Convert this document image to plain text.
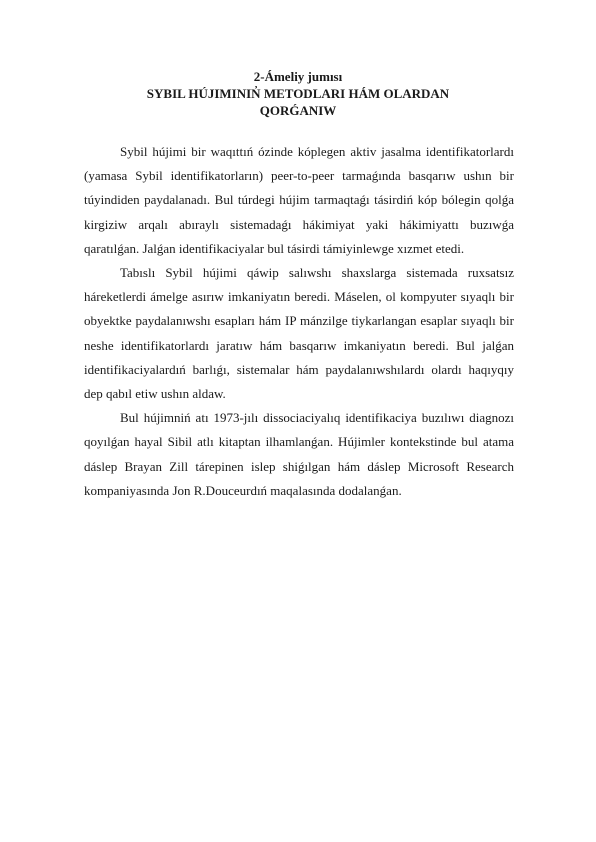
2-Ámeliy jumısı
SYBIL HÚJIMININ̓ METODLARI HÁM OLARDAN
QORǴANIW

Sybil hújimi bir waqıttıń ózinde kóplegen aktiv jasalma identifikatorlardı (yamasa Sybil identifikatorların) peer-to-peer tarmaǵında basqarıw ushın bir túyindiden paydalanadı. Bul túrdegi hújim tarmaqtaǵı tásirdiń kóp bólegin qolǵa kirgiziw arqalı abıraylı sistemadaǵı hákimiyat yaki hákimiyattı buzıwǵa qaratılǵan. Jalǵan identifikaciyalar bul tásirdi támiyinlewge xızmet etedi.

Tabıslı Sybil hújimi qáwip salıwshı shaxslarga sistemada ruxsatsız háreketlerdi ámelge asırıw imkaniyatın beredi. Máselen, ol kompyuter sıyaqlı bir obyektke paydalanıwshı esapları hám IP mánzilge tiykarlangan esaplar sıyaqlı bir neshe identifikatorlardı jaratıw hám basqarıw imkaniyatın beredi. Bul jalǵan identifikaciyalardıń barlıǵı, sistemalar hám paydalanıwshılardı olardı haqıyqıy dep qabıl etiw ushın aldaw.

Bul hújimniń atı 1973-jılı dissociaciyalıq identifikaciya buzılıwı diagnozı qoyılǵan hayal Sibil atlı kitaptan ilhamlanǵan. Hújimler kontekstinde bul atama dáslep Brayan Zill tárepinen islep shiǵılgan hám dáslep Microsoft Research kompaniyasında Jon R.Douceurdıń maqalasında dodalanǵan.
